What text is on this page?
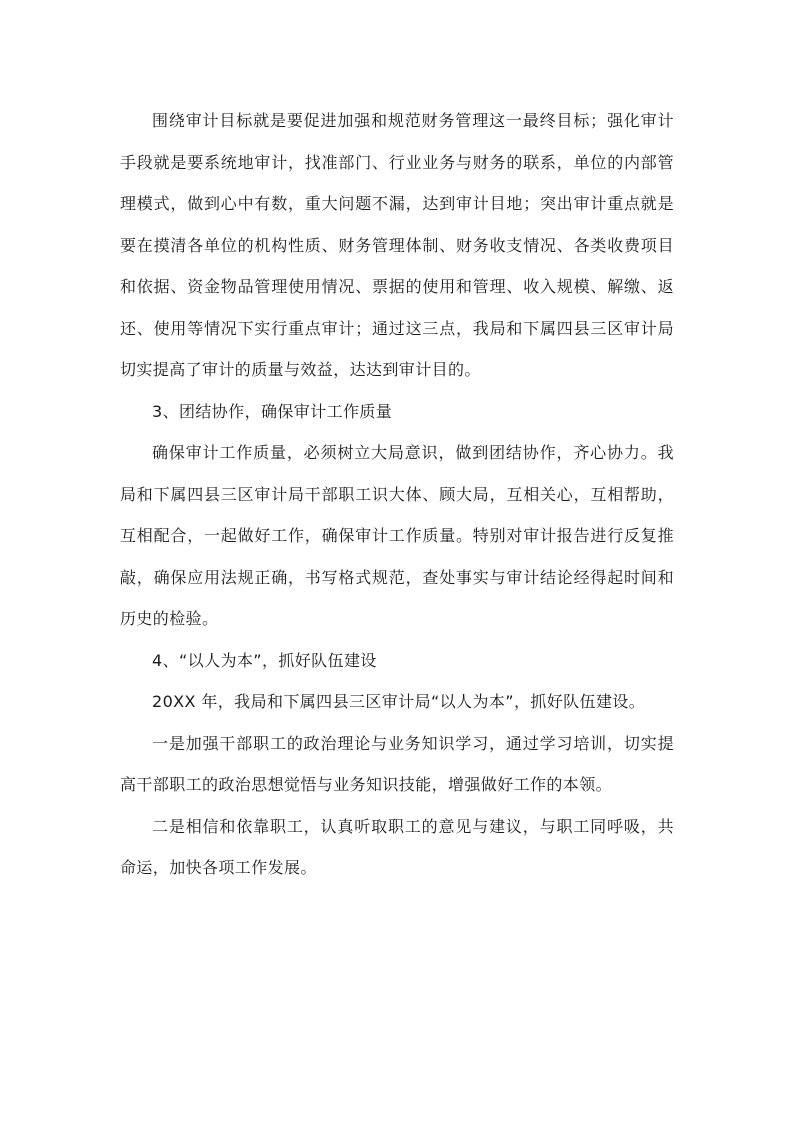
围绕审计目标就是要促进加强和规范财务管理这一最终目标；强化审计手段就是要系统地审计，找准部门、行业业务与财务的联系，单位的内部管理模式，做到心中有数，重大问题不漏，达到审计目地；突出审计重点就是要在摸清各单位的机构性质、财务管理体制、财务收支情况、各类收费项目和依据、资金物品管理使用情况、票据的使用和管理、收入规模、解缴、返还、使用等情况下实行重点审计；通过这三点，我局和下属四县三区审计局切实提高了审计的质量与效益，达达到审计目的。

3、团结协作，确保审计工作质量

确保审计工作质量，必须树立大局意识，做到团结协作，齐心协力。我局和下属四县三区审计局干部职工识大体、顾大局，互相关心，互相帮助，互相配合，一起做好工作，确保审计工作质量。特别对审计报告进行反复推敲，确保应用法规正确，书写格式规范，查处事实与审计结论经得起时间和历史的检验。

4、“以人为本”，抓好队伍建设

20XX 年，我局和下属四县三区审计局“以人为本”，抓好队伍建设。

一是加强干部职工的政治理论与业务知识学习，通过学习培训，切实提高干部职工的政治思想觉悟与业务知识技能，增强做好工作的本领。

二是相信和依靠职工，认真听取职工的意见与建议，与职工同呼吸，共命运，加快各项工作发展。
